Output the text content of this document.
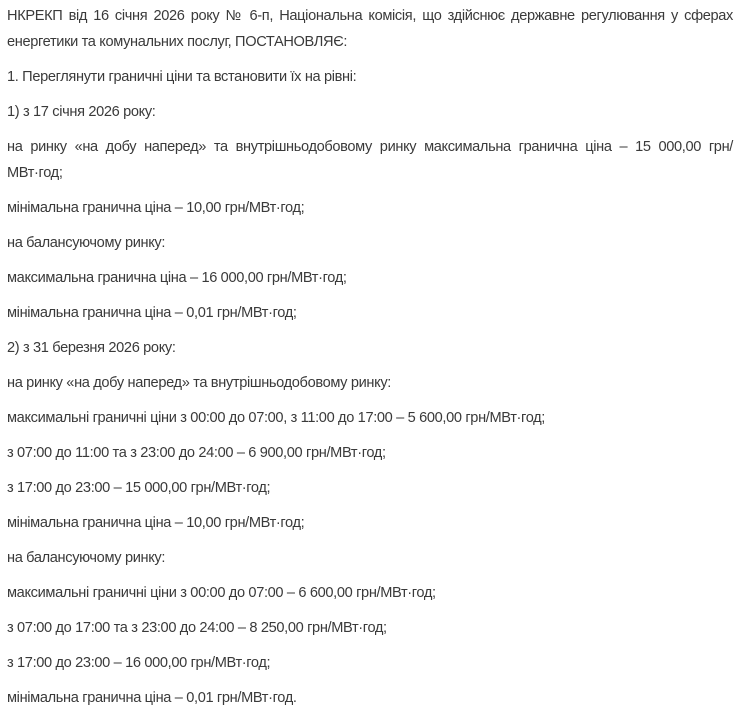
НКРЕКП від 16 січня 2026 року № 6-п, Національна комісія, що здійснює державне регулювання у сферах
енергетики та комунальних послуг, ПОСТАНОВЛЯЄ:
1. Переглянути граничні ціни та встановити їх на рівні:
1) з 17 січня 2026 року:
на ринку «на добу наперед» та внутрішньодобовому ринку максимальна гранична ціна – 15 000,00 грн/
МВт·год;
мінімальна гранична ціна – 10,00 грн/МВт·год;
на балансуючому ринку:
максимальна гранична ціна – 16 000,00 грн/МВт·год;
мінімальна гранична ціна – 0,01 грн/МВт·год;
2) з 31 березня 2026 року:
на ринку «на добу наперед» та внутрішньодобовому ринку:
максимальні граничні ціни з 00:00 до 07:00, з 11:00 до 17:00 – 5 600,00 грн/МВт·год;
з 07:00 до 11:00 та з 23:00 до 24:00 – 6 900,00 грн/МВт·год;
з 17:00 до 23:00 – 15 000,00 грн/МВт·год;
мінімальна гранична ціна – 10,00 грн/МВт·год;
на балансуючому ринку:
максимальні граничні ціни з 00:00 до 07:00 – 6 600,00 грн/МВт·год;
з 07:00 до 17:00 та з 23:00 до 24:00 – 8 250,00 грн/МВт·год;
з 17:00 до 23:00 – 16 000,00 грн/МВт·год;
мінімальна гранична ціна – 0,01 грн/МВт·год.
